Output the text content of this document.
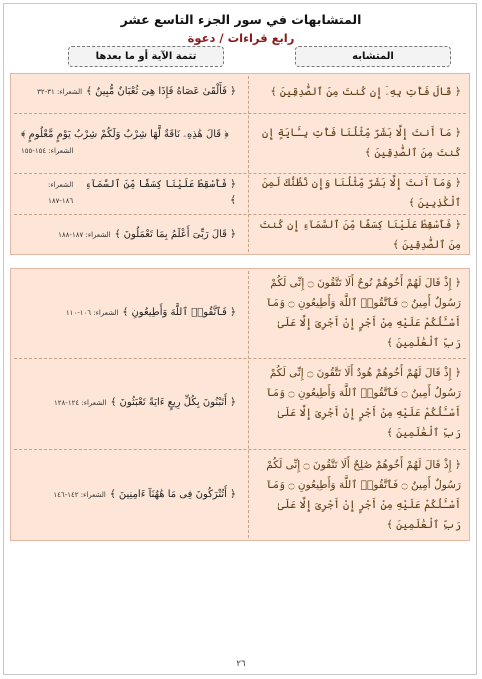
المتشابهات في سور الجزء التاسع عشر
رابع قراءات / دعوة
المتشابه
تتمة الآية أو ما بعدها
﴿ قَالَ فَأْتِ بِهِۦٓ إِن كُنتَ مِنَ ٱلصَّٰدِقِينَ ﴾
﴿ فَأَلْقَىٰ عَصَاهُ فَإِذَا هِىَ ثُعْبَانٌ مُّبِينٌ ﴾
الشعراء: ٣١-٣٢
﴿ مَآ أَنتَ إِلَّا بَشَرٌ مِّثْلُنَا فَأْتِ بِـَٔايَةٍ إِن كُنتَ مِنَ ٱلصَّٰدِقِينَ ﴾
﴿ قَالَ هَٰذِهِۦ نَاقَةٌ لَّهَا شِرْبٌ وَلَكُمْ شِرْبُ يَوْمٍ مَّعْلُومٍ ﴾
الشعراء: ١٥٤-١٥٥
﴿ وَمَآ أَنتَ إِلَّا بَشَرٌ مِّثْلُنَا وَإِن نَّظُنُّكَ لَمِنَ ٱلْكَٰذِبِينَ ﴾
﴿ فَأَسْقِطْ عَلَيْنَا كِسَفًا مِّنَ ٱلسَّمَآءِ ﴾
الشعراء: ١٨٦-١٨٧
﴿ فَأَسْقِطْ عَلَيْنَا كِسَفًا مِّنَ ٱلسَّمَآءِ إِن كُنتَ مِنَ ٱلصَّٰدِقِينَ ﴾
﴿ قَالَ رَبِّىٓ أَعْلَمُ بِمَا تَعْمَلُونَ ﴾
الشعراء: ١٨٧-١٨٨
﴿ إِذْ قَالَ لَهُمْ أَخُوهُمْ نُوحٌ أَلَا تَتَّقُونَ ۝ إِنِّى لَكُمْ رَسُولٌ أَمِينٌ ۝ فَٱتَّقُوا۟ ٱللَّهَ وَأَطِيعُونِ ۝ وَمَآ أَسْـَٔلُكُمْ عَلَيْهِ مِنْ أَجْرٍ إِنْ أَجْرِىَ إِلَّا عَلَىٰ رَبِّ ٱلْعَٰلَمِينَ ﴾
﴿ فَٱتَّقُوا۟ ٱللَّهَ وَأَطِيعُونِ ﴾
الشعراء: ١٠٦-١١٠
﴿ إِذْ قَالَ لَهُمْ أَخُوهُمْ هُودٌ أَلَا تَتَّقُونَ ۝ إِنِّى لَكُمْ رَسُولٌ أَمِينٌ ۝ فَٱتَّقُوا۟ ٱللَّهَ وَأَطِيعُونِ ۝ وَمَآ أَسْـَٔلُكُمْ عَلَيْهِ مِنْ أَجْرٍ إِنْ أَجْرِىَ إِلَّا عَلَىٰ رَبِّ ٱلْعَٰلَمِينَ ﴾
﴿ أَتَبْنُونَ بِكُلِّ رِيعٍ ءَايَةً تَعْبَثُونَ ﴾
الشعراء: ١٢٤-١٢٨
﴿ إِذْ قَالَ لَهُمْ أَخُوهُمْ صَٰلِحٌ أَلَا تَتَّقُونَ ۝ إِنِّى لَكُمْ رَسُولٌ أَمِينٌ ۝ فَٱتَّقُوا۟ ٱللَّهَ وَأَطِيعُونِ ۝ وَمَآ أَسْـَٔلُكُمْ عَلَيْهِ مِنْ أَجْرٍ إِنْ أَجْرِىَ إِلَّا عَلَىٰ رَبِّ ٱلْعَٰلَمِينَ ﴾
﴿ أَتُتْرَكُونَ فِى مَا هَٰهُنَآ ءَامِنِينَ ﴾
الشعراء: ١٤٢-١٤٦
٢٦
